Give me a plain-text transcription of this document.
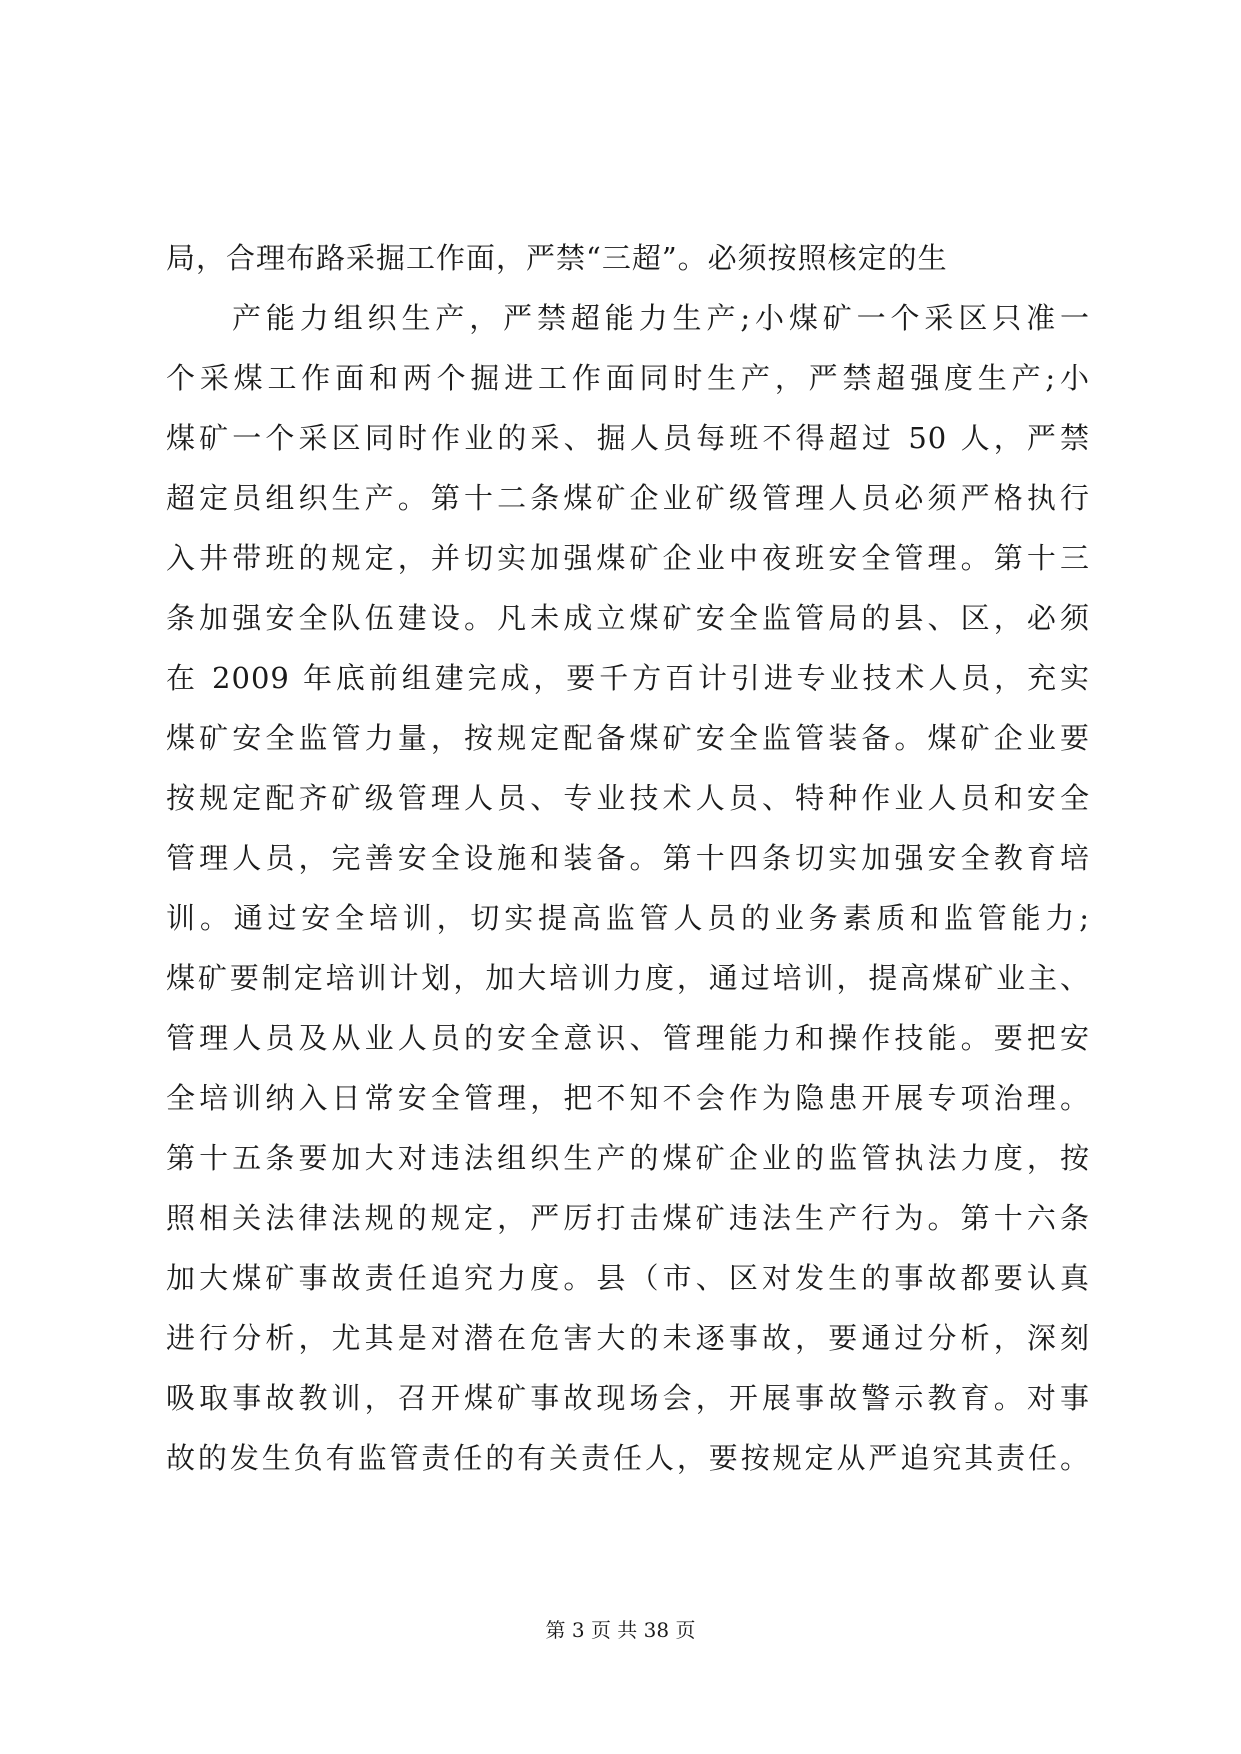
局，合理布路采掘工作面，严禁“三超”。必须按照核定的生
产能力组织生产，严禁超能力生产;小煤矿一个采区只准一
个采煤工作面和两个掘进工作面同时生产，严禁超强度生产;小
煤矿一个采区同时作业的采、掘人员每班不得超过 50 人，严禁
超定员组织生产。第十二条煤矿企业矿级管理人员必须严格执行
入井带班的规定，并切实加强煤矿企业中夜班安全管理。第十三
条加强安全队伍建设。凡未成立煤矿安全监管局的县、区，必须
在 2009 年底前组建完成，要千方百计引进专业技术人员，充实
煤矿安全监管力量，按规定配备煤矿安全监管装备。煤矿企业要
按规定配齐矿级管理人员、专业技术人员、特种作业人员和安全
管理人员，完善安全设施和装备。第十四条切实加强安全教育培
训。通过安全培训，切实提高监管人员的业务素质和监管能力;
煤矿要制定培训计划，加大培训力度，通过培训，提高煤矿业主、
管理人员及从业人员的安全意识、管理能力和操作技能。要把安
全培训纳入日常安全管理，把不知不会作为隐患开展专项治理。
第十五条要加大对违法组织生产的煤矿企业的监管执法力度，按
照相关法律法规的规定，严厉打击煤矿违法生产行为。第十六条
加大煤矿事故责任追究力度。县（市、区对发生的事故都要认真
进行分析，尤其是对潜在危害大的未逐事故，要通过分析，深刻
吸取事故教训，召开煤矿事故现场会，开展事故警示教育。对事
故的发生负有监管责任的有关责任人，要按规定从严追究其责任。
第 3 页 共 38 页
